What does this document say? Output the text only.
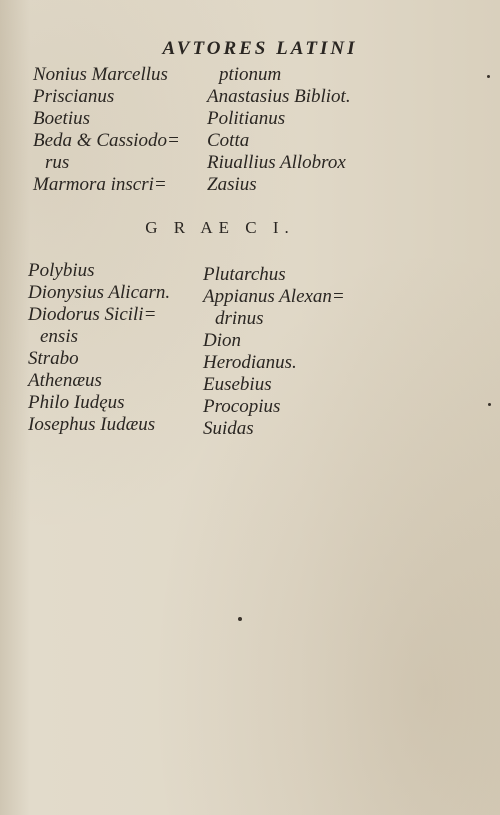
AVTORES LATINI
Nonius Marcellus
Priscianus
Boetius
Beda & Cassiodo=
rus
Marmora inscri=
ptionum
Anastasius Bibliot.
Politianus
Cotta
Riuallius Allobrox
Zasius
G R AE C I.
Polybius
Dionysius Alicarn.
Diodorus Sicili=
ensis
Strabo
Athenæus
Philo Iudęus
Iosephus Iudæus
Plutarchus
Appianus Alexan=
drinus
Dion
Herodianus.
Eusebius
Procopius
Suidas
